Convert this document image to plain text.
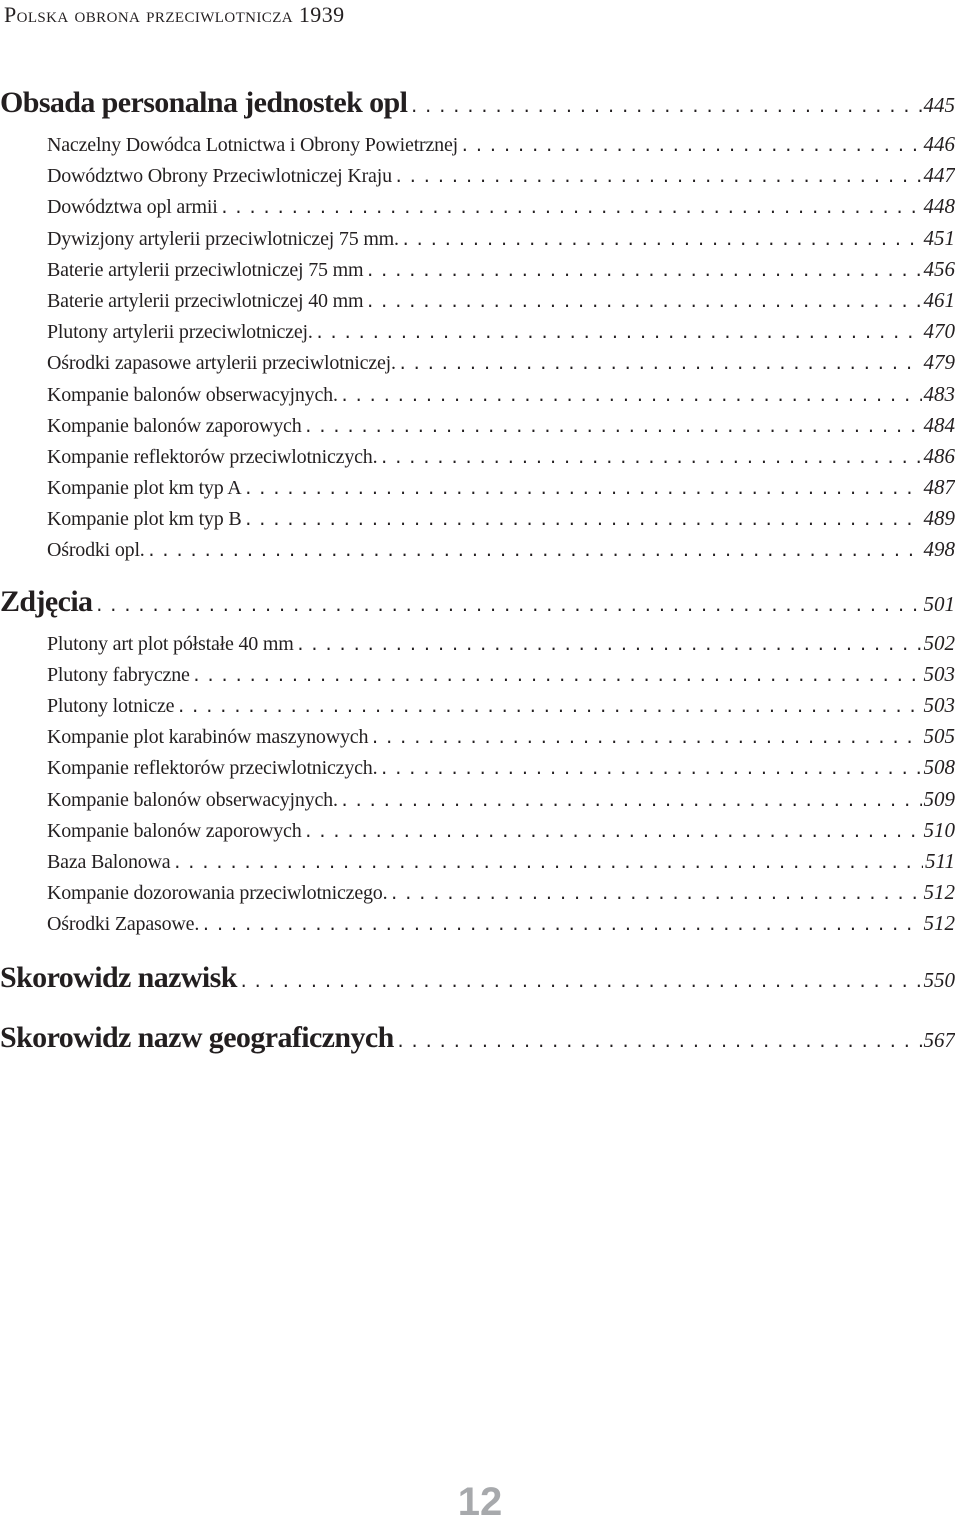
Polska obrona przeciwlotnicza 1939
Obsada personalna jednostek opl . . .	445
Naczelny Dowódca Lotnictwa i Obrony Powietrznej . . .	446
Dowództwo Obrony Przeciwlotniczej Kraju . . .	447
Dowództwa opl armii . . .	448
Dywizjony artylerii przeciwlotniczej 75 mm. . . .	451
Baterie artylerii przeciwlotniczej 75 mm . . .	456
Baterie artylerii przeciwlotniczej 40 mm . . .	461
Plutony artylerii przeciwlotniczej. . . .	470
Ośrodki zapasowe artylerii przeciwlotniczej. . . .	479
Kompanie balonów obserwacyjnych. . . .	483
Kompanie balonów zaporowych . . .	484
Kompanie reflektorów przeciwlotniczych. . . .	486
Kompanie plot km typ A . . .	487
Kompanie plot km typ B . . .	489
Ośrodki opl. . . .	498
Zdjęcia . . .	501
Plutony art plot półstałe 40 mm . . .	502
Plutony fabryczne . . .	503
Plutony lotnicze . . .	503
Kompanie plot karabinów maszynowych . . .	505
Kompanie reflektorów przeciwlotniczych. . . .	508
Kompanie balonów obserwacyjnych. . . .	509
Kompanie balonów zaporowych . . .	510
Baza Balonowa . . .	511
Kompanie dozorowania przeciwlotniczego. . . .	512
Ośrodki Zapasowe. . . .	512
Skorowidz nazwisk . . .	550
Skorowidz nazw geograficznych . . .	567
12
